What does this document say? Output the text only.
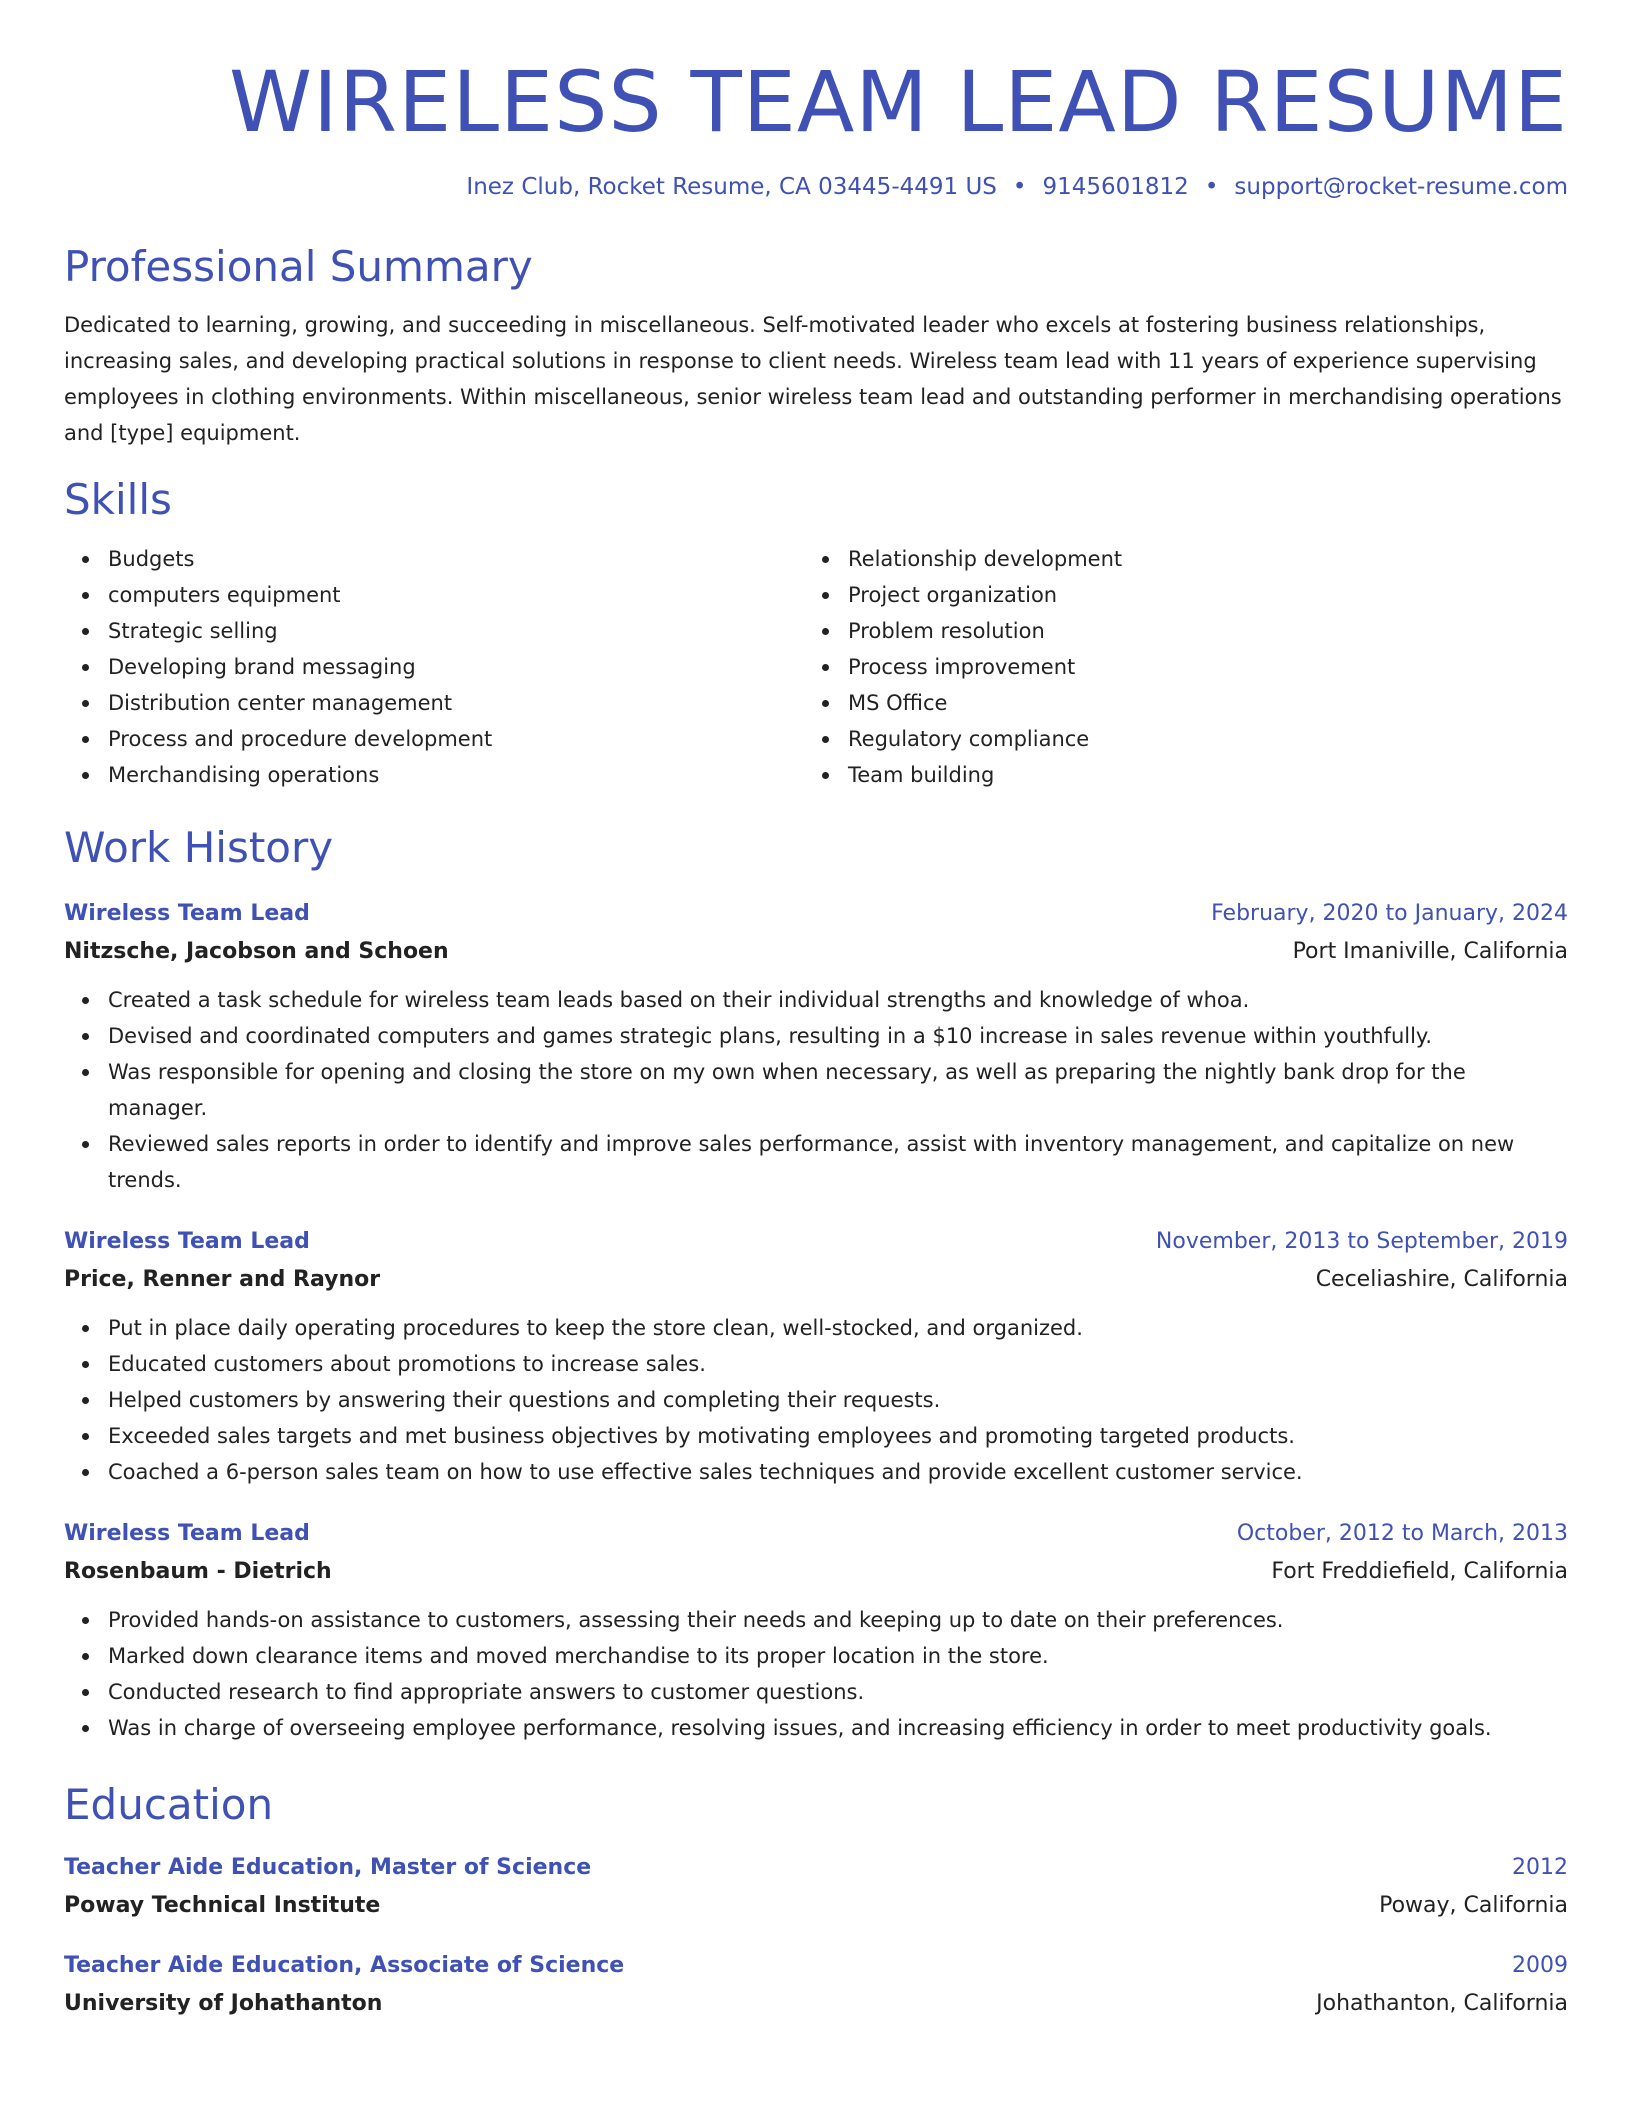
WIRELESS TEAM LEAD RESUME
Inez Club, Rocket Resume, CA 03445-4491 US • 9145601812 • support@rocket-resume.com
Professional Summary

Dedicated to learning, growing, and succeeding in miscellaneous. Self-motivated leader who excels at fostering business relationships, increasing sales, and developing practical solutions in response to client needs. Wireless team lead with 11 years of experience supervising employees in clothing environments. Within miscellaneous, senior wireless team lead and outstanding performer in merchandising operations and [type] equipment.

Skills
Budgets
computers equipment
Strategic selling
Developing brand messaging
Distribution center management
Process and procedure development
Merchandising operations
Relationship development
Project organization
Problem resolution
Process improvement
MS Office
Regulatory compliance
Team building
Work History
Wireless Team Lead	February, 2020 to January, 2024
Nitzsche, Jacobson and Schoen	Port Imaniville, California
Created a task schedule for wireless team leads based on their individual strengths and knowledge of whoa.
Devised and coordinated computers and games strategic plans, resulting in a $10 increase in sales revenue within youthfully.
Was responsible for opening and closing the store on my own when necessary, as well as preparing the nightly bank drop for the manager.
Reviewed sales reports in order to identify and improve sales performance, assist with inventory management, and capitalize on new trends.
Wireless Team Lead	November, 2013 to September, 2019
Price, Renner and Raynor	Ceceliashire, California
Put in place daily operating procedures to keep the store clean, well-stocked, and organized.
Educated customers about promotions to increase sales.
Helped customers by answering their questions and completing their requests.
Exceeded sales targets and met business objectives by motivating employees and promoting targeted products.
Coached a 6-person sales team on how to use effective sales techniques and provide excellent customer service.
Wireless Team Lead	October, 2012 to March, 2013
Rosenbaum - Dietrich	Fort Freddiefield, California
Provided hands-on assistance to customers, assessing their needs and keeping up to date on their preferences.
Marked down clearance items and moved merchandise to its proper location in the store.
Conducted research to find appropriate answers to customer questions.
Was in charge of overseeing employee performance, resolving issues, and increasing efficiency in order to meet productivity goals.
Education
Teacher Aide Education, Master of Science	2012
Poway Technical Institute	Poway, California
Teacher Aide Education, Associate of Science	2009
University of Johathanton	Johathanton, California
